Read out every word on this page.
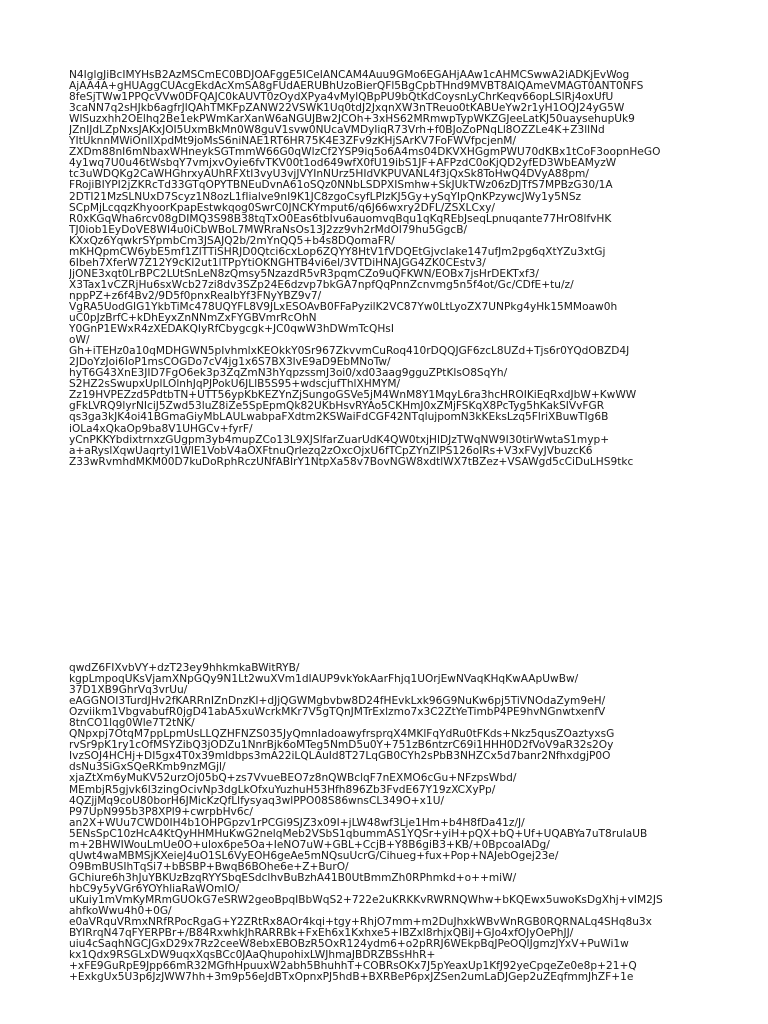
N4IglgJiBcIMYHsB2AzMSCmEC0BDJOAFggE5ICeIANCAM4Auu9GMo6EGAHjAAw1cAHMCSwwA2iADKjEvWog
AjAA4A+gHUAggCUAcgEkdAcXmSA8gFUdAERUBhUzoBierQFl5BgCpbTHnd9MVBT8AlQAmeVMAGT0ANT0NFS
8feSjTWw1PPQcVVw0DFQAJC0kAUVT0zOydXPya4vMylQBpPU9bQtKdCoysnLyChrKeqv66opLSlRj4oxUfU
3caNN7q2sHJkb6agfrJlQAhTMKFpZANW22VSWK1Uq0tdJ2JxqnXW3nTReuo0tKABUeYw2r1yH1OQJ24yG5W
WlSuzxhh2OElhq2Be1ekPWmKarXanW6aNGUJBw2JCOh+3xHS62MRmwpTypWKZGJeeLatKJ50uaysehupUk9
JZnIJdLZpNxsJAKxJOI5UxmBkMn0W8guV1svw0NUcaVMDyliqR73Vrh+f0BJoZoPNqLl8OZZLe4K+Z3llNd
YItUknnMWiOnllXpdMt9joMsS6niNAE1RT6HR75K4E3ZFv9zKHjSArKV7FoFWVfpcjenM/
ZXDm88nI6mNbaxWHneykSGTmmW66G0qWlzCf2YSP9iq5o6A4ms04DKVXHGgmPWU70dKBx1tCoF3oopnHeGO
4y1wq7U0u46tWsbqY7vmjxvOyie6fvTKV00t1od649wfX0fU19ibS1JF+AFPzdC0oKjQD2yfED3WbEAMyzW
tc3uWDQKg2CaWHGhrxyAUhRFXtI3vyU3vjJVYInNUrz5HIdVKPUVANL4f3jQxSk8ToHwQ4DVyA88pm/
FRojiBIYPI2jZKRcTd33GTqOPYTBNEuDvnA61oSQz0NNbLSDPXISmhw+SkJUkTWz06zDJTfS7MPBzG30/1A
2DTI21MzSLNUxD7Scyz1N8ozL1fIialve9nI9K1JC8zgoCsyfLPIzKJ5Gy+ySqYIpQnKPzywcJWy1y5NSz
SCpMjLcqqzKhyoorKpapEstwkqog0SwrC0JNCKYmput6/q6J66wxry2DFL/ZSXLCxy/
R0xKGqWha6rcv08gDIMQ3S98B38tqTxO0Eas6tbIvu6auomvqBqu1qKqREbJseqLpnuqante77HrO8lfvHK
TJ0iob1EyDoVE8WI4u0iCbWBoL7MWRraNsOs13J2zz9vh2rMdOl79hu5GgcB/
KXxQz6YqwkrSYpmbCm3JSAJQ2b/2mYnQQ5+b4s8DQomaFR/
mKHQpmCW6ybE5mf1ZlTTiSHRJD0Qtci6cxLop6ZQYY8HtV1fVDQEtGjvclake147ufJm2pg6qXtYZu3xtGj
6Ibeh7XferW7Z12Y9cKl2ut1lTPpYtiOKNGHTB4vi6el/3VTDiHNAJGG4ZK0CEstv3/
JjONE3xqt0LrBPC2LUtSnLeN8zQmsy5NzazdR5vR3pqmCZo9uQFKWN/EOBx7jsHrDEKTxf3/
X3Tax1vCZRjHu6sxWcb27zi8dv3SZp24E6dzvp7bkGA7npfQqPnnZcnvmg5n5f4ot/Gc/CDfE+tu/z/
nppPZ+z6f4Bv2/9D5f0pnxRealbYf3FNyYBZ9v7/
VgRA5UodGIG1YkbTiMc478UQYFL8V9JLxESOAvB0FFaPyzilK2VC87Yw0LtLyoZX7UNPkg4yHk15MMoaw0h
uC0pJzBrfC+kDhEyxZnNNmZxFYGBVmrRcOhN
Y0GnP1EWxR4zXEDAKQIyRfCbygcgk+JC0qwW3hDWmTcQHsI
oW/
Gh+iTEHz0a10qMDHGWN5pIvhmlxKEOkkY0Sr967ZkvvmCuRoq410rDQQJGF6zcL8UZd+Tjs6r0YQdOBZD4J
2JDoYzJoi6IoP1msCOGDo7cV4jg1x6S7BX3lvE9aD9EbMNoTw/
hyT6G43XnE3JID7FgO6ek3p3ZqZmN3hYqpzssmJ3oi0/xd03aag9gguZPtKlsO8SqYh/
S2HZ2sSwupxUplLOlnhJqPJPokU6JLlB5S95+wdscjufThlXHMYM/
Zz19HVPEZzd5PdtbTN+UTT56ypKbKEZYnZjSungoGSVe5jM4WnM8Y1MqyL6ra3hcHROIKiEqRxdJbW+KwWW
gFkLVRQ9lyrNIciJ5Zwd53luZ8iZe5SpEpmQk82UKbHsvRYAo5CKHmJ0xZMjFSKqX8PcTyg5hKakSIVvFGR
qs3ga3kJK4oi41BGmaGiyMbLAULwabpaFXdtm2KSWaiFdCGF42NTqlujpomN3kKEksLzq5FlriXBuwTIg6B
iOLa4xQkaOp9ba8V1UHGCv+fyrF/
yCnPKKYbdixtrnxzGUgpm3yb4mupZCo13L9XJSlfarZuarUdK4QW0txjHlDJzTWqNW9I30tirWwtaS1myp+
a+aRyslXqwUaqrtyl1WlE1VobV4aOXFtnuQrlezq2zOxcOjxU6fTCpZYnZlPS126oIRs+V3xFVyJVbuzcK6
Z33wRvmhdMKM00D7kuDoRphRczUNfABIrY1NtpXa58v7BovNGW8xdtlWX7tBZez+VSAWgd5cCiDuLHS9tkc
qwdZ6FIXvbVY+dzT23ey9hhkmkaBWitRYB/
kgpLmpoqUKsVjamXNpGQy9N1Lt2wuXVm1dIAUP9vkYokAarFhjq1UOrjEwNVaqKHqKwAApUwBw/
37D1XB9GhrVq3vrUu/
eAGGNOI3TurdJHv2fKARRnIZnDnzKI+dJjQGWMgbvbw8D24fHEvkLxk96G9NuKw6pj5TiVNOdaZym9eH/
Ozviikm1VbgvabufR0jgD41abA5xuWcrkMKr7V5gTQnJMTrExlzmo7x3C2ZtYeTimbP4PE9hvNGnwtxenfV
8tnCO1lqg0Wle7T2tNK/
QNpxpj7OtqM7ppLpmUsLLQZHFNZS035JyQmnIadoawyfrsprqX4MKlFqYdRu0tFKds+Nkz5qusZOaztyxsG
rvSr9pK1ry1cOfMSYZibQ3jODZu1NnrBjk6oMTeg5NmD5u0Y+751zB6ntzrC69i1HHH0D2fVoV9aR32s2Oy
IvzSOJ4HCHj+DI5gx4T0x39mldbps3mA22iLQLAuId8T27LqGB0CYh2sPbB3NHZCx5d7banr2NfhxdgjP0O
dsNu3SiGxSQeRKmb9nzMGjl/
xjaZtXm6yMuKV52urzOj05bQ+zs7VvueBEO7z8nQWBclqF7nEXMO6cGu+NFzpsWbd/
MEmbjR5gjvk6l3zingOcivNp3dgLkOfxuYuzhuH53Hfh896Zb3FvdE67Y19zXCXyPp/
4QZjjMq9coU80borH6JMicKzQfLlfysyaq3wlPPO08S86wnsCL349O+x1U/
P97UpN995b3P8XPl9+cwrpbHv6c/
an2X+WUu7CWD0IH4b1OHPGpzv1rPCGi9SJZ3x09I+jLW48wf3Lje1Hm+b4H8fDa41z/J/
5ENsSpC10zHcA4KtQyHHMHuKwG2nelqMeb2VSbS1qbummAS1YQSr+yiH+pQX+bQ+Uf+UQABYa7uT8rulaUB
m+2BHWIWouLmUe0O+ulox6pe5Oa+IeNO7uW+GBL+CcjB+Y8B6giB3+KB/+0BpcoaIADg/
qUwt4waMBMSjKXeieJ4uO1SL6VyEOH6geAe5mNQsuUcrG/Cihueg+fux+Pop+NAJebOgej23e/
O9BmBUSIhTqSi7+bBSBP+BwqB6BOhe6e+Z+BurO/
GChiure6h3hJuYBKUzBzqRYYSbqESdclhvBuBzhA41B0UtBmmZh0RPhmkd+o++miW/
hbC9y5yVGr6YOYhliaRaWOmlO/
uKuiy1mVmKyMRmGUOkG7eSRW2geoBpqIBbWqS2+722e2uKRKKvRWRNQWhw+bKQEwx5uwoKsDgXhj+vIM2JS
ahfkoWwu4h0+0G/
e0aVRquVRmxNRfRPocRgaG+Y2ZRtRx8AOr4kqi+tgy+RhjO7mm+m2DuJhxkWBvWnRGB0RQRNALq4SHq8u3x
BYIRrqN47qFYERPBr+/B84RxwhkJhRARRBk+FxEh6x1Kxhxe5+lBZxl8rhjxQBiJ+GJo4xfOJyOePhJJ/
uiu4cSaqhNGCJGxD29x7Rz2ceeW8ebxEBOBzR5OxR124ydm6+o2pRRJ6WEkpBqJPeOQlJgmzJYxV+PuWi1w
kx1Qdx9RSGLxDW9uqxXqsBCc0JAaQhupohixLWJhmaJBDRZBSsHhR+
+xFE9GuRpE9Jpp66mR32MGfhHpuuxW2abh5BhuhhT+COBRsOKx7J5pYeaxUp1KfJ92yeCpqeZe0e8p+21+Q
+ExkgUx5U3p6JzJWW7hh+3m9p56eJdBTxOpnxPJ5hdB+BXRBeP6pxJZSen2umLaDJGep2uZEqfmmJhZF+1e
